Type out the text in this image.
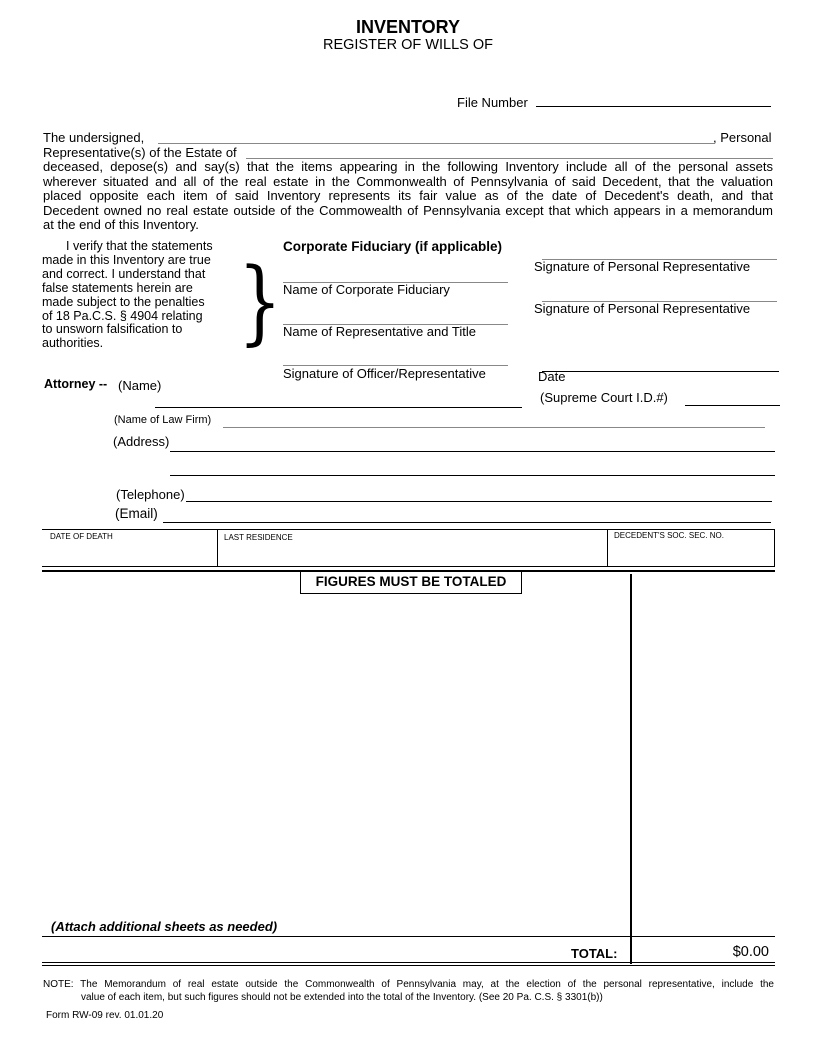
INVENTORY
REGISTER OF WILLS OF
File Number
The undersigned,	, Personal
Representative(s) of the Estate of
deceased, depose(s) and say(s) that the items appearing in the following Inventory include all of the personal assets
wherever situated and all of the real estate in the Commonwealth of Pennsylvania of said Decedent, that the valuation
placed opposite each item of said Inventory represents its fair value as of the date of Decedent's death, and that
Decedent owned no real estate outside of the Commowealth of Pennsylvania except that which appears in a memorandum
at the end of this Inventory.
I verify that the statements
made in this Inventory are true
and correct. I understand that
false statements herein are
made subject to the penalties
of 18 Pa.C.S. § 4904 relating
to unsworn falsification to
authorities.	}
Corporate Fiduciary (if applicable)
Name of Corporate Fiduciary
Name of Representative and Title
Signature of Officer/Representative
Signature of Personal Representative
Signature of Personal Representative
Date
Attorney -- (Name)
(Supreme Court I.D.#)
(Name of Law Firm)
(Address)
(Telephone)
(Email)
DATE OF DEATH	LAST RESIDENCE	DECEDENT'S SOC. SEC. NO.
FIGURES MUST BE TOTALED
(Attach additional sheets as needed)
TOTAL:	$0.00
NOTE: The Memorandum of real estate outside the Commonwealth of Pennsylvania may, at the election of the personal representative, include the
value of each item, but such figures should not be extended into the total of the Inventory. (See 20 Pa. C.S. § 3301(b))
Form RW-09 rev. 01.01.20
